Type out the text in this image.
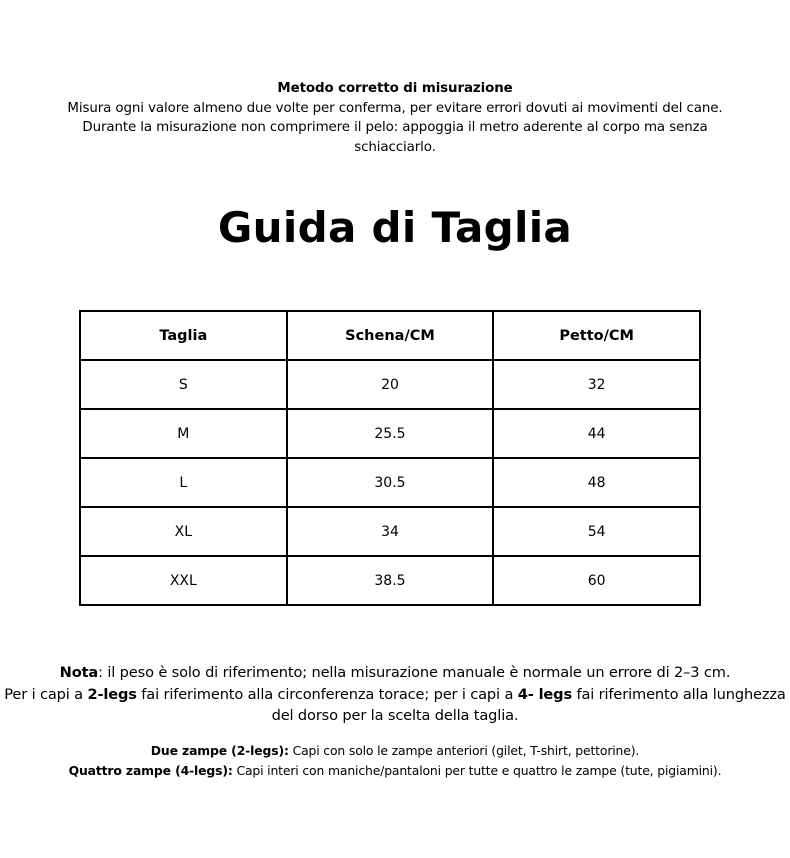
Metodo corretto di misurazione
Misura ogni valore almeno due volte per conferma, per evitare errori dovuti ai movimenti del cane.
Durante la misurazione non comprimere il pelo: appoggia il metro aderente al corpo ma senza
schiacciarlo.
Guida di Taglia
Taglia	Schena/CM	Petto/CM
S	20	32
M	25.5	44
L	30.5	48
XL	34	54
XXL	38.5	60
Nota: il peso è solo di riferimento; nella misurazione manuale è normale un errore di 2–3 cm.
Per i capi a 2-legs fai riferimento alla circonferenza torace; per i capi a 4- legs fai riferimento alla lunghezza del dorso per la scelta della taglia.
Due zampe (2-legs): Capi con solo le zampe anteriori (gilet, T-shirt, pettorine).
Quattro zampe (4-legs): Capi interi con maniche/pantaloni per tutte e quattro le zampe (tute, pigiamini).
